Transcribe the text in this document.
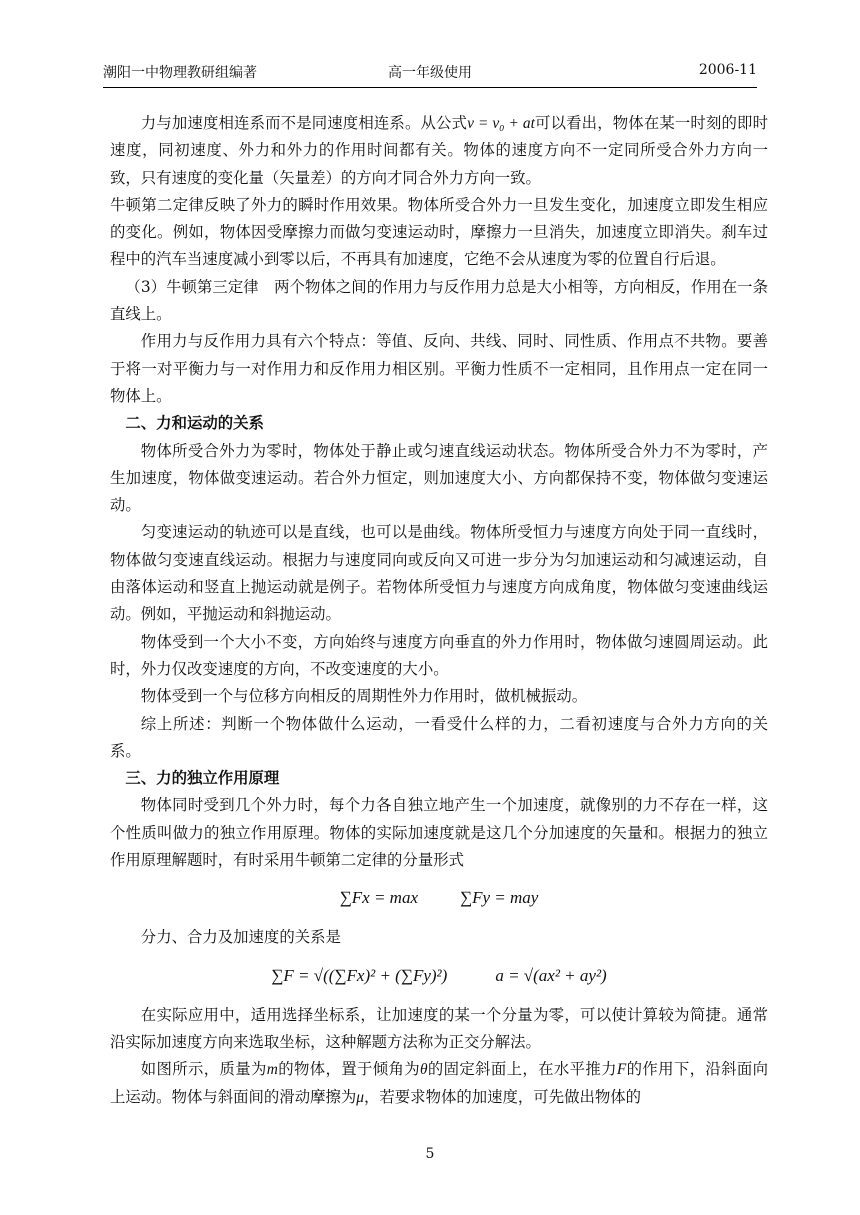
潮阳一中物理教研组编著	高一年级使用	2006-11

力与加速度相连系而不是同速度相连系。从公式v = v₀ + at可以看出，物体在某一时刻的即时速度，同初速度、外力和外力的作用时间都有关。物体的速度方向不一定同所受合外力方向一致，只有速度的变化量（矢量差）的方向才同合外力方向一致。

牛顿第二定律反映了外力的瞬时作用效果。物体所受合外力一旦发生变化，加速度立即发生相应的变化。例如，物体因受摩擦力而做匀变速运动时，摩擦力一旦消失，加速度立即消失。刹车过程中的汽车当速度减小到零以后，不再具有加速度，它绝不会从速度为零的位置自行后退。

（3）牛顿第三定律　两个物体之间的作用力与反作用力总是大小相等，方向相反，作用在一条直线上。

作用力与反作用力具有六个特点：等值、反向、共线、同时、同性质、作用点不共物。要善于将一对平衡力与一对作用力和反作用力相区别。平衡力性质不一定相同，且作用点一定在同一物体上。

二、力和运动的关系

物体所受合外力为零时，物体处于静止或匀速直线运动状态。物体所受合外力不为零时，产生加速度，物体做变速运动。若合外力恒定，则加速度大小、方向都保持不变，物体做匀变速运动。

匀变速运动的轨迹可以是直线，也可以是曲线。物体所受恒力与速度方向处于同一直线时，物体做匀变速直线运动。根据力与速度同向或反向又可进一步分为匀加速运动和匀减速运动，自由落体运动和竖直上抛运动就是例子。若物体所受恒力与速度方向成角度，物体做匀变速曲线运动。例如，平抛运动和斜抛运动。

物体受到一个大小不变，方向始终与速度方向垂直的外力作用时，物体做匀速圆周运动。此时，外力仅改变速度的方向，不改变速度的大小。

物体受到一个与位移方向相反的周期性外力作用时，做机械振动。

综上所述：判断一个物体做什么运动，一看受什么样的力，二看初速度与合外力方向的关系。

三、力的独立作用原理

物体同时受到几个外力时，每个力各自独立地产生一个加速度，就像别的力不存在一样，这个性质叫做力的独立作用原理。物体的实际加速度就是这几个分加速度的矢量和。根据力的独立作用原理解题时，有时采用牛顿第二定律的分量形式

∑Fx = max ∑Fy = may

分力、合力及加速度的关系是

∑F = √((∑Fx)² + (∑Fy)²)	a = √(ax² + ay²)

在实际应用中，适用选择坐标系，让加速度的某一个分量为零，可以使计算较为简捷。通常沿实际加速度方向来选取坐标，这种解题方法称为正交分解法。

如图所示，质量为m的物体，置于倾角为θ的固定斜面上，在水平推力F的作用下，沿斜面向上运动。物体与斜面间的滑动摩擦为μ，若要求物体的加速度，可先做出物体的

5
